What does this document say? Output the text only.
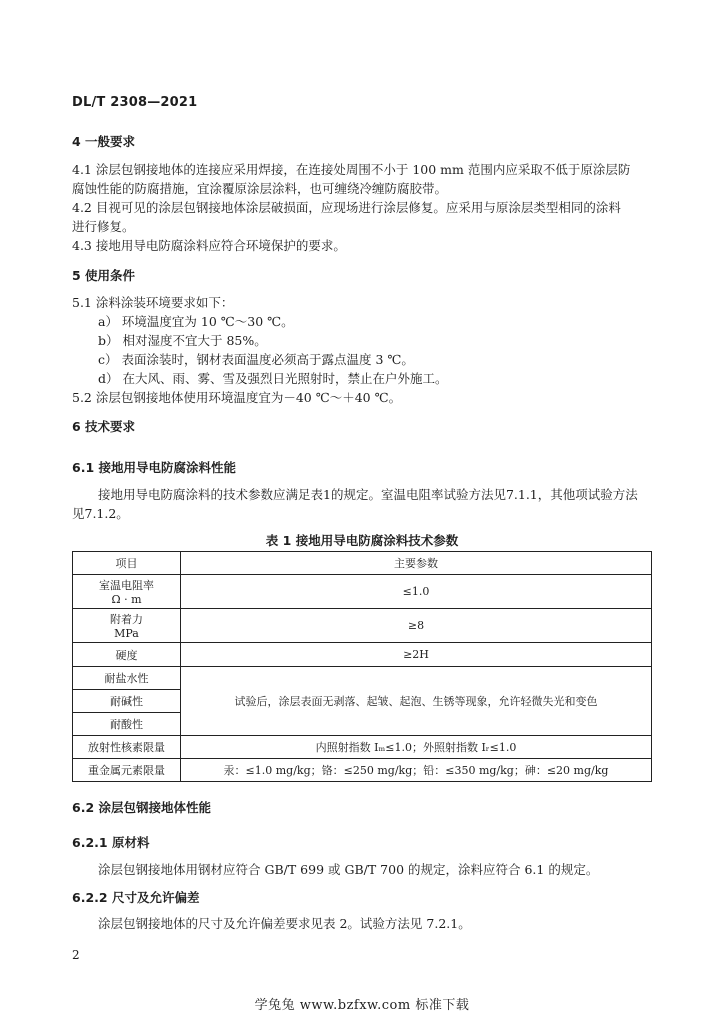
DL/T 2308—2021
4 一般要求
4.1 涂层包钢接地体的连接应采用焊接，在连接处周围不小于 100 mm 范围内应采取不低于原涂层防
腐蚀性能的防腐措施，宜涂覆原涂层涂料，也可缠绕冷缠防腐胶带。
4.2 目视可见的涂层包钢接地体涂层破损面，应现场进行涂层修复。应采用与原涂层类型相同的涂料
进行修复。
4.3 接地用导电防腐涂料应符合环境保护的要求。
5 使用条件
5.1 涂料涂装环境要求如下：
a） 环境温度宜为 10 ℃～30 ℃。
b） 相对湿度不宜大于 85%。
c） 表面涂装时，钢材表面温度必须高于露点温度 3 ℃。
d） 在大风、雨、雾、雪及强烈日光照射时，禁止在户外施工。
5.2 涂层包钢接地体使用环境温度宜为－40 ℃～＋40 ℃。
6 技术要求
6.1 接地用导电防腐涂料性能
接地用导电防腐涂料的技术参数应满足表1的规定。室温电阻率试验方法见7.1.1，其他项试验方法
见7.1.2。
表 1 接地用导电防腐涂料技术参数
项目	主要参数

室温电阻率
Ω · m	≤1.0

附着力
MPa	≥8
硬度	≥2H
耐盐水性	试验后，涂层表面无剥落、起皱、起泡、生锈等现象，允许轻微失光和变色
耐碱性	
耐酸性	
放射性核素限量	内照射指数 Iₘ≤1.0；外照射指数 Iᵣ≤1.0
重金属元素限量	汞：≤1.0 mg/kg；铬：≤250 mg/kg；铅：≤350 mg/kg；砷：≤20 mg/kg
6.2 涂层包钢接地体性能
6.2.1 原材料
涂层包钢接地体用钢材应符合 GB/T 699 或 GB/T 700 的规定，涂料应符合 6.1 的规定。
6.2.2 尺寸及允许偏差
涂层包钢接地体的尺寸及允许偏差要求见表 2。试验方法见 7.2.1。
2
学兔兔 www.bzfxw.com 标准下载
